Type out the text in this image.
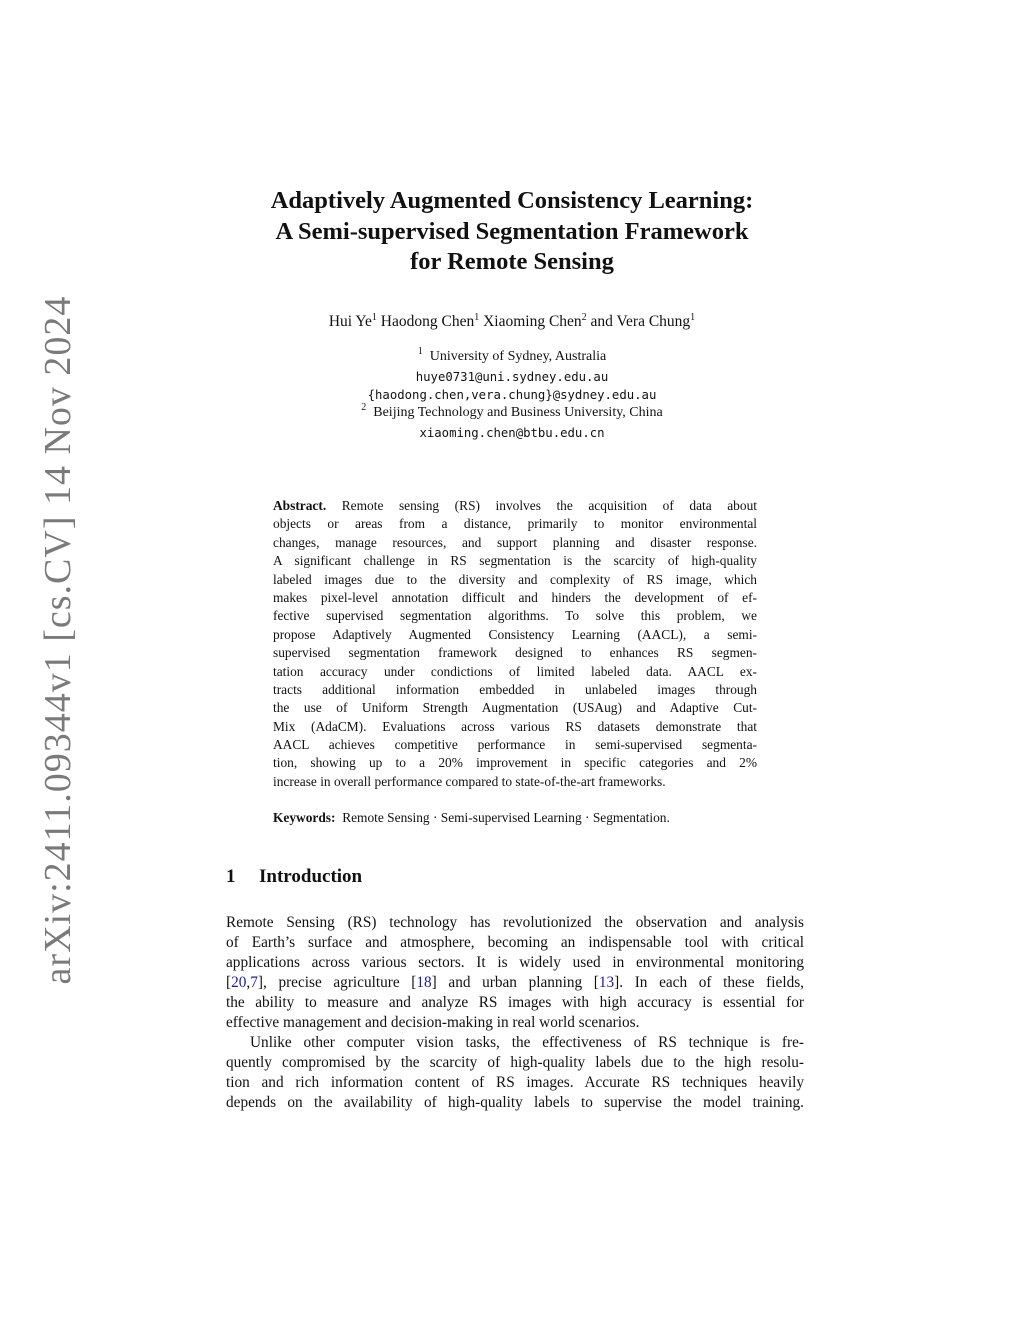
arXiv:2411.09344v1 [cs.CV] 14 Nov 2024
Adaptively Augmented Consistency Learning:
A Semi-supervised Segmentation Framework
for Remote Sensing
Hui Ye$^1$ Haodong Chen$^1$ Xiaoming Chen$^2$ and Vera Chung$^1$
$^1$ University of Sydney, Australia
huye0731@uni.sydney.edu.au
{haodong.chen,vera.chung}@sydney.edu.au
$^2$ Beijing Technology and Business University, China
xiaoming.chen@btbu.edu.cn
Abstract. Remote sensing (RS) involves the acquisition of data about
objects or areas from a distance, primarily to monitor environmental
changes, manage resources, and support planning and disaster response.
A significant challenge in RS segmentation is the scarcity of high-quality
labeled images due to the diversity and complexity of RS image, which
makes pixel-level annotation difficult and hinders the development of ef-
fective supervised segmentation algorithms. To solve this problem, we
propose Adaptively Augmented Consistency Learning (AACL), a semi-
supervised segmentation framework designed to enhances RS segmen-
tation accuracy under condictions of limited labeled data. AACL ex-
tracts additional information embedded in unlabeled images through
the use of Uniform Strength Augmentation (USAug) and Adaptive Cut-
Mix (AdaCM). Evaluations across various RS datasets demonstrate that
AACL achieves competitive performance in semi-supervised segmenta-
tion, showing up to a 20% improvement in specific categories and 2%
increase in overall performance compared to state-of-the-art frameworks.
Keywords: Remote Sensing · Semi-supervised Learning · Segmentation.
1 Introduction
Remote Sensing (RS) technology has revolutionized the observation and analysis
of Earth’s surface and atmosphere, becoming an indispensable tool with critical
applications across various sectors. It is widely used in environmental monitoring
[20,7], precise agriculture [18] and urban planning [13]. In each of these fields,
the ability to measure and analyze RS images with high accuracy is essential for
effective management and decision-making in real world scenarios.
Unlike other computer vision tasks, the effectiveness of RS technique is fre-
quently compromised by the scarcity of high-quality labels due to the high resolu-
tion and rich information content of RS images. Accurate RS techniques heavily
depends on the availability of high-quality labels to supervise the model training.
